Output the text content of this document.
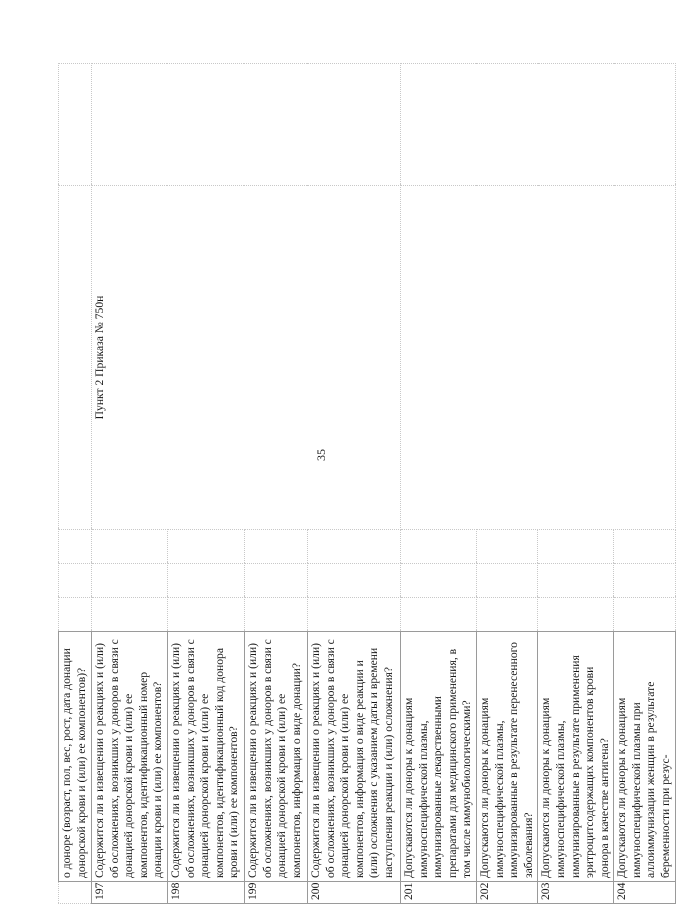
35
	о доноре (возраст, пол, вес, рост, дата донации донорской крови и (или) ее компонентов)?					
197	Содержится ли в извещении о реакциях и (или) об осложнениях, возникших у доноров в связи с донацией донорской крови и (или) ее компонентов, идентификационный номер донации крови и (или) ее компонентов?				Пункт 2 Приказа № 750н	
198	Содержится ли в извещении о реакциях и (или) об осложнениях, возникших у доноров в связи с донацией донорской крови и (или) ее компонентов, идентификационный код донора крови и (или) ее компонентов?					
199	Содержится ли в извещении о реакциях и (или) об осложнениях, возникших у доноров в связи с донацией донорской крови и (или) ее компонентов, информация о виде донации?					
200	Содержится ли в извещении о реакциях и (или) об осложнениях, возникших у доноров в связи с донацией донорской крови и (или) ее компонентов, информация о виде реакции и (или) осложнения с указанием даты и времени наступления реакции и (или) осложнения?					
201	Допускаются ли доноры к донациям иммуноспецифической плазмы, иммунизированные лекарственными препаратами для медицинского применения, в том числе иммунобиологическими?					
202	Допускаются ли доноры к донациям иммуноспецифической плазмы, иммунизированные в результате перенесенного заболевания?					
203	Допускаются ли доноры к донациям иммуноспецифической плазмы, иммунизированные в результате применения эритроцитсодержащих компонентов крови донора в качестве антигена?					
204	Допускаются ли доноры к донациям иммуноспецифической плазмы при аллоиммунизации женщин в результате беременности при резус-					
